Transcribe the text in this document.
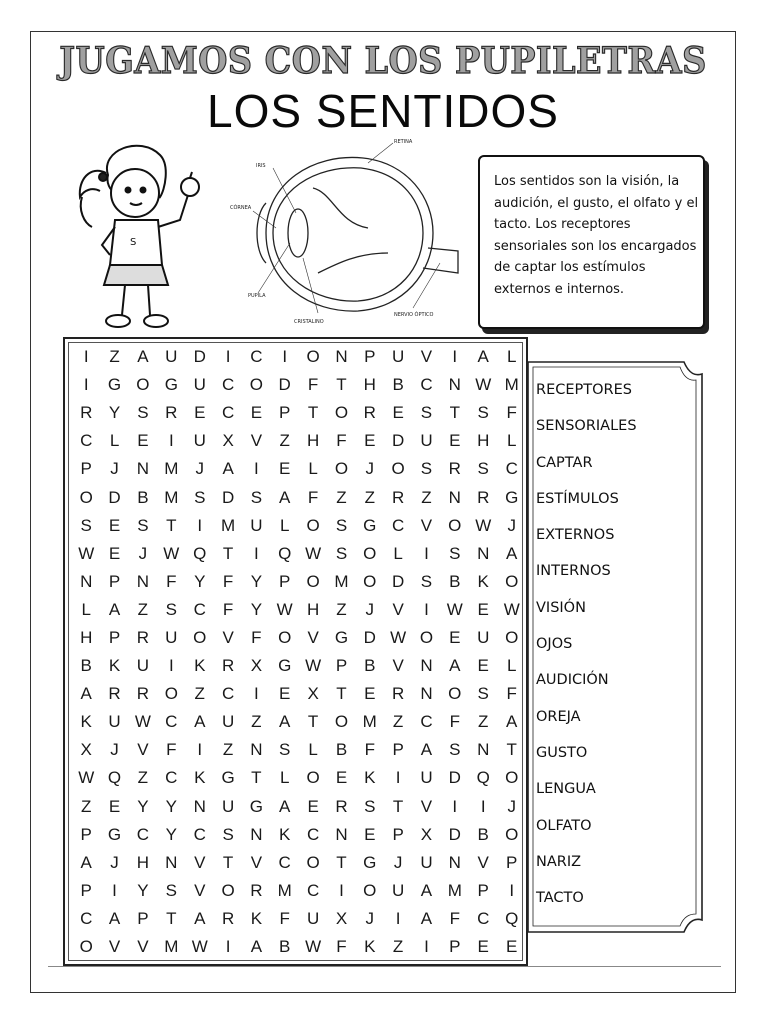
JUGAMOS CON LOS PUPILETRAS
LOS SENTIDOS
S
RETINA
IRIS
CÓRNEA
PUPILA
CRISTALINO
NERVIO ÓPTICO
Los sentidos son la visión, la audición, el gusto, el olfato y el tacto. Los receptores sensoriales son los encargados de captar los estímulos externos e internos.
I	Z	A	U	D	I	C	I	O	N	P	U	V	I	A	L
I	G	O	G	U	C	O	D	F	T	H	B	C	N	W	M
R	Y	S	R	E	C	E	P	T	O	R	E	S	T	S	F
C	L	E	I	U	X	V	Z	H	F	E	D	U	E	H	L
P	J	N	M	J	A	I	E	L	O	J	O	S	R	S	C
O	D	B	M	S	D	S	A	F	Z	Z	R	Z	N	R	G
S	E	S	T	I	M	U	L	O	S	G	C	V	O	W	J
W	E	J	W	Q	T	I	Q	W	S	O	L	I	S	N	A
N	P	N	F	Y	F	Y	P	O	M	O	D	S	B	K	O
L	A	Z	S	C	F	Y	W	H	Z	J	V	I	W	E	W
H	P	R	U	O	V	F	O	V	G	D	W	O	E	U	O
B	K	U	I	K	R	X	G	W	P	B	V	N	A	E	L
A	R	R	O	Z	C	I	E	X	T	E	R	N	O	S	F
K	U	W	C	A	U	Z	A	T	O	M	Z	C	F	Z	A
X	J	V	F	I	Z	N	S	L	B	F	P	A	S	N	T
W	Q	Z	C	K	G	T	L	O	E	K	I	U	D	Q	O
Z	E	Y	Y	N	U	G	A	E	R	S	T	V	I	I	J
P	G	C	Y	C	S	N	K	C	N	E	P	X	D	B	O
A	J	H	N	V	T	V	C	O	T	G	J	U	N	V	P
P	I	Y	S	V	O	R	M	C	I	O	U	A	M	P	I
C	A	P	T	A	R	K	F	U	X	J	I	A	F	C	Q
O	V	V	M	W	I	A	B	W	F	K	Z	I	P	E	E
RECEPTORES
SENSORIALES
CAPTAR
ESTÍMULOS
EXTERNOS
INTERNOS
VISIÓN
OJOS
AUDICIÓN
OREJA
GUSTO
LENGUA
OLFATO
NARIZ
TACTO
